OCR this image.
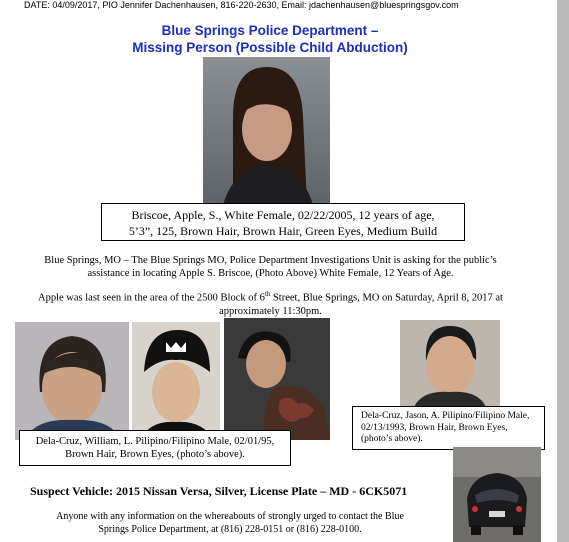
DATE: 04/09/2017, PIO Jennifer Dachenhausen, 816-220-2630, Email: jdachenhausen@bluespringsgov.com
Blue Springs Police Department –
Missing Person (Possible Child Abduction)
Briscoe, Apple, S., White Female, 02/22/2005, 12 years of age,
5’3”, 125, Brown Hair, Brown Hair, Green Eyes, Medium Build
Blue Springs, MO – The Blue Springs MO, Police Department Investigations Unit is asking for the public’s
assistance in locating Apple S. Briscoe, (Photo Above) White Female, 12 Years of Age.
Apple was last seen in the area of the 2500 Block of 6th Street, Blue Springs, MO on Saturday, April 8, 2017 at
approximately 11:30pm.
Dela-Cruz, William, L. Pilipino/Filipino Male, 02/01/95,
Brown Hair, Brown Eyes, (photo’s above).
Dela-Cruz, Jason, A. Pilipino/Filipino Male,
02/13/1993, Brown Hair, Brown Eyes,
(photo’s above).
Suspect Vehicle: 2015 Nissan Versa, Silver, License Plate – MD - 6CK5071
Anyone with any information on the whereabouts of strongly urged to contact the Blue
Springs Police Department, at (816) 228-0151 or (816) 228-0100.
